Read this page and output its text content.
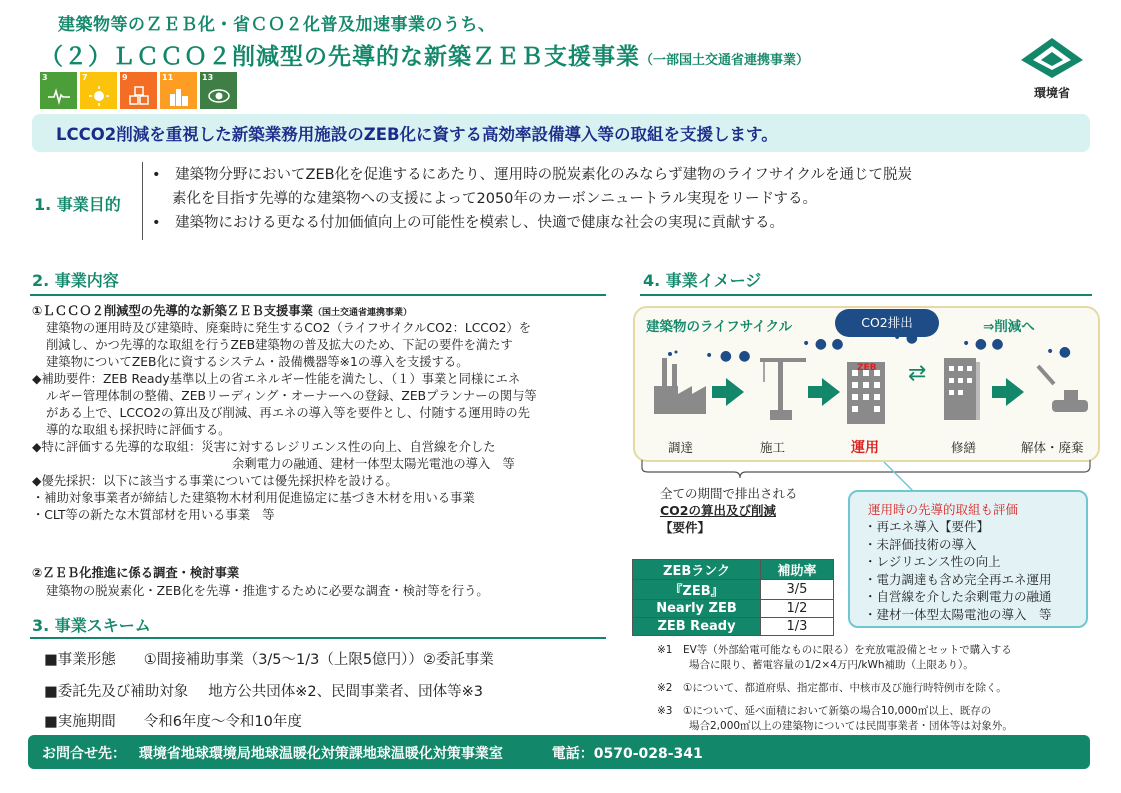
建築物等のＺＥＢ化・省ＣＯ２化普及加速事業のうち、
（２）ＬＣＣＯ２削減型の先導的な新築ＺＥＢ支援事業（一部国土交通省連携事業）
3	7	9	11	13
環境省
LCCO2削減を重視した新築業務用施設のZEB化に資する高効率設備導入等の取組を支援します。
1. 事業目的
•　建築物分野においてZEB化を促進するにあたり、運用時の脱炭素化のみならず建物のライフサイクルを通じて脱炭
素化を目指す先導的な建築物への支援によって2050年のカーボンニュートラル実現をリードする。
•　建築物における更なる付加価値向上の可能性を模索し、快適で健康な社会の実現に貢献する。
2. 事業内容
①ＬＣＣＯ２削減型の先導的な新築ＺＥＢ支援事業（国土交通省連携事業）
建築物の運用時及び建築時、廃棄時に発生するCO2（ライフサイクルCO2：LCCO2）を
削減し、かつ先導的な取組を行うZEB建築物の普及拡大のため、下記の要件を満たす
建築物についてZEB化に資するシステム・設備機器等※1の導入を支援する。
◆補助要件：ZEB Ready基準以上の省エネルギー性能を満たし、（１）事業と同様にエネ
ルギー管理体制の整備、ZEBリーディング・オーナーへの登録、ZEBプランナーの関与等
がある上で、LCCO2の算出及び削減、再エネの導入等を要件とし、付随する運用時の先
導的な取組も採択時に評価する。
◆特に評価する先導的な取組：災害に対するレジリエンス性の向上、自営線を介した
余剰電力の融通、建材一体型太陽光電池の導入　等
◆優先採択：以下に該当する事業については優先採択枠を設ける。
・補助対象事業者が締結した建築物木材利用促進協定に基づき木材を用いる事業
・CLT等の新たな木質部材を用いる事業　等
②ＺＥＢ化推進に係る調査・検討事業
建築物の脱炭素化・ZEB化を先導・推進するために必要な調査・検討等を行う。
3. 事業スキーム
■事業形態 ①間接補助事業（3/5～1/3（上限5億円））②委託事業
■委託先及び補助対象 地方公共団体※2、民間事業者、団体等※3
■実施期間 令和6年度～令和10年度
4. 事業イメージ
建築物のライフサイクル	CO2排出	⇒削減へ
ZEB
• ● ●
• ● ●	• ●	• ● ●	• ●
⇄
調達	施工	運用	修繕	解体・廃棄
全ての期間で排出される
CO2の算出及び削減
【要件】
運用時の先導的取組も評価
・再エネ導入【要件】
・未評価技術の導入
・レジリエンス性の向上
・電力調達も含め完全再エネ運用
・自営線を介した余剰電力の融通
・建材一体型太陽電池の導入　等
ZEBランク	補助率
『ZEB』	3/5
Nearly ZEB	1/2
ZEB Ready	1/3
※1　EV等（外部給電可能なものに限る）を充放電設備とセットで購入する
場合に限り、蓄電容量の1/2×4万円/kWh補助（上限あり）。
※2　①について、都道府県、指定都市、中核市及び施行時特例市を除く。
※3　①について、延べ面積において新築の場合10,000㎡以上、既存の
場合2,000㎡以上の建築物については民間事業者・団体等は対象外。
お問合せ先： 環境省地球環境局地球温暖化対策課地球温暖化対策事業室	電話：0570-028-341
